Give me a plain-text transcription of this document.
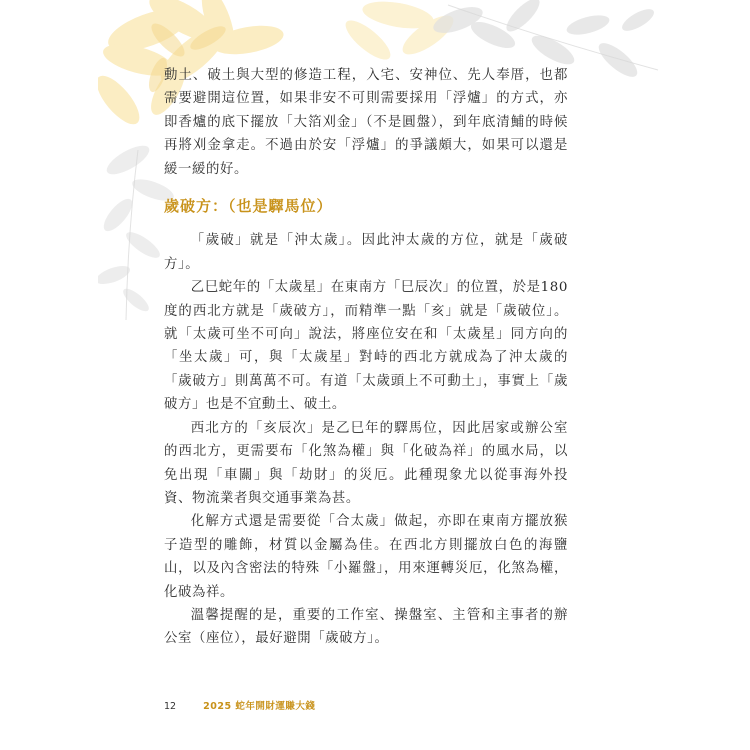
動土、破土與大型的修造工程，入宅、安神位、先人奉厝，也都需要避開這位置，如果非安不可則需要採用「浮爐」的方式，亦即香爐的底下擺放「大箔刈金」（不是圓盤），到年底清鯆的時候再將刈金拿走。不過由於安「浮爐」的爭議頗大，如果可以還是緩一緩的好。

歲破方：（也是驛馬位）

「歲破」就是「沖太歲」。因此沖太歲的方位，就是「歲破方」。

乙巳蛇年的「太歲星」在東南方「巳辰次」的位置，於是180度的西北方就是「歲破方」，而精準一點「亥」就是「歲破位」。就「太歲可坐不可向」說法，將座位安在和「太歲星」同方向的「坐太歲」可，與「太歲星」對峙的西北方就成為了沖太歲的「歲破方」則萬萬不可。有道「太歲頭上不可動土」，事實上「歲破方」也是不宜動土、破土。

西北方的「亥辰次」是乙巳年的驛馬位，因此居家或辦公室的西北方，更需要布「化煞為權」與「化破為祥」的風水局，以免出現「車關」與「劫財」的災厄。此種現象尤以從事海外投資、物流業者與交通事業為甚。

化解方式還是需要從「合太歲」做起，亦即在東南方擺放猴子造型的雕飾，材質以金屬為佳。在西北方則擺放白色的海鹽山，以及內含密法的特殊「小羅盤」，用來運轉災厄，化煞為權，化破為祥。

溫馨提醒的是，重要的工作室、操盤室、主管和主事者的辦公室（座位），最好避開「歲破方」。

12	2025 蛇年開財運賺大錢
